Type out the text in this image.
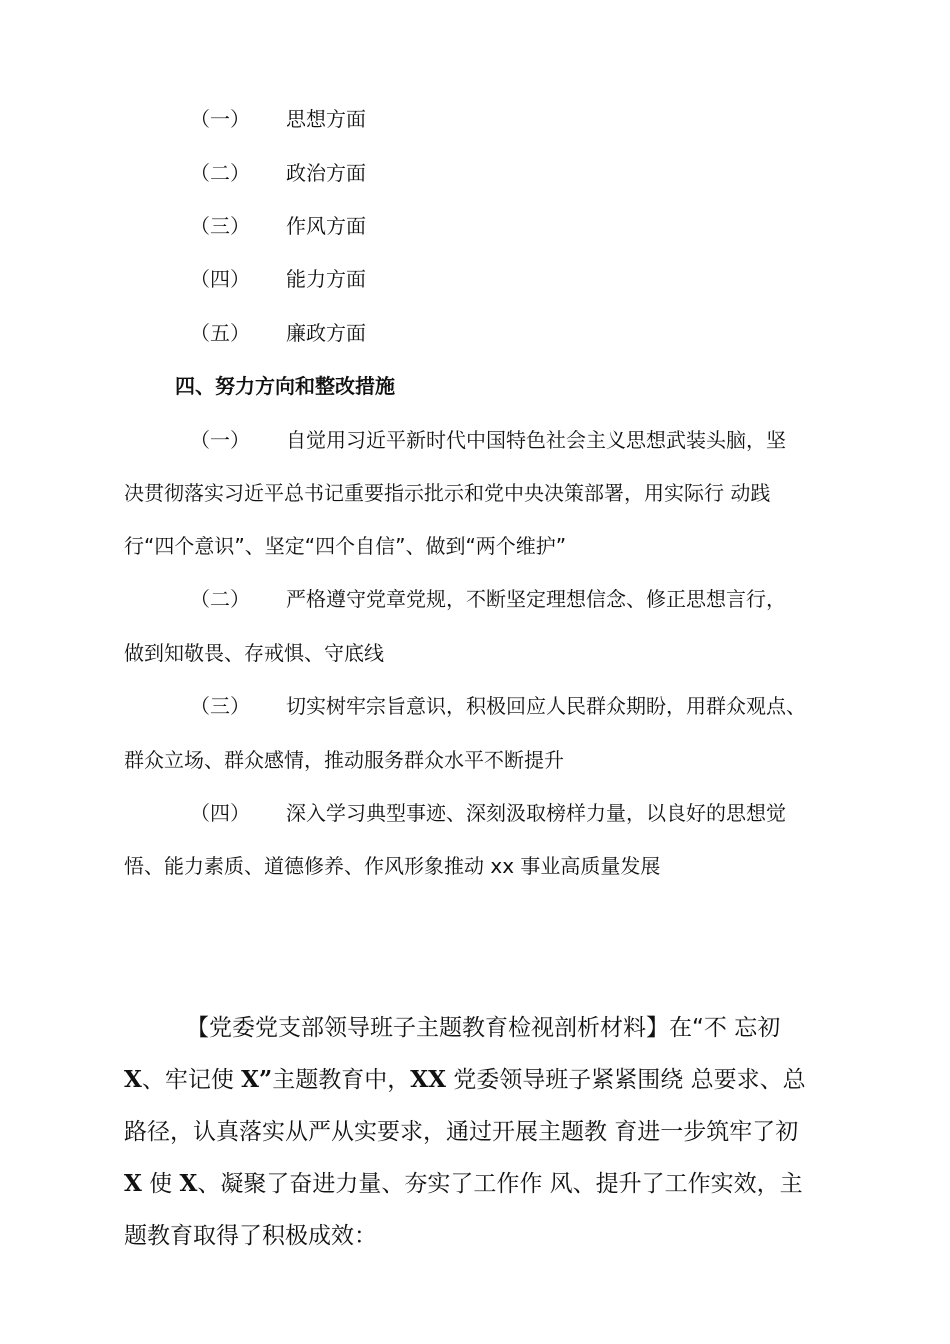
（一） 思想方面
（二） 政治方面
（三） 作风方面
（四） 能力方面
（五） 廉政方面
四、努力方向和整改措施
（一） 自觉用习近平新时代中国特色社会主义思想武装头脑，坚
决贯彻落实习近平总书记重要指示批示和党中央决策部署，用实际行 动践
行“四个意识”、坚定“四个自信”、做到“两个维护”
（二） 严格遵守党章党规，不断坚定理想信念、修正思想言行，
做到知敬畏、存戒惧、守底线
（三） 切实树牢宗旨意识，积极回应人民群众期盼，用群众观点、
群众立场、群众感情，推动服务群众水平不断提升
（四） 深入学习典型事迹、深刻汲取榜样力量，以良好的思想觉
悟、能力素质、道德修养、作风形象推动 xx 事业高质量发展
【党委党支部领导班子主题教育检视剖析材料】在“不 忘初
X、牢记使 X”主题教育中，XX 党委领导班子紧紧围绕 总要求、总
路径，认真落实从严从实要求，通过开展主题教 育进一步筑牢了初
X 使 X、凝聚了奋进力量、夯实了工作作 风、提升了工作实效，主
题教育取得了积极成效：
